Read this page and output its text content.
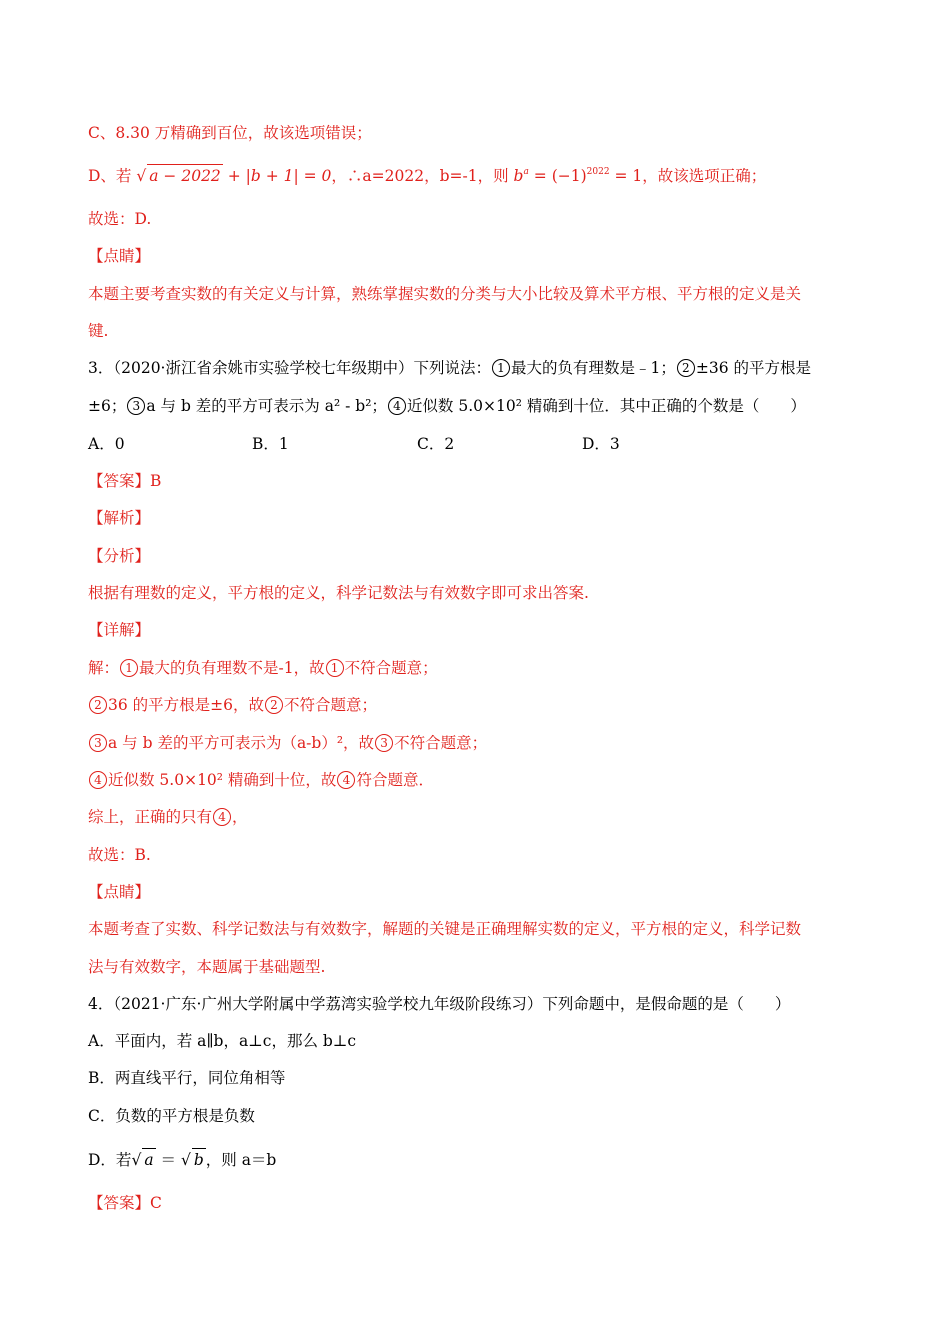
C、8.30 万精确到百位，故该选项错误；
D、若 √ a − 2022 + |b + 1| = 0，∴a=2022，b=-1，则 $b^a = (-1)^{2022} = 1$，故该选项正确；
故选：D.
【点睛】
本题主要考查实数的有关定义与计算，熟练掌握实数的分类与大小比较及算术平方根、平方根的定义是关
键.
3．（2020·浙江省余姚市实验学校七年级期中）下列说法： 1 最大的负有理数是﹣1； 2 ±36 的平方根是
±6； 3 a 与 b 差的平方可表示为 a² ‐ b²； 4 近似数 5.0×10² 精确到十位．其中正确的个数是（　　）
A．0	B．1	C．2	D．3
【答案】B
【解析】
【分析】
根据有理数的定义，平方根的定义，科学记数法与有效数字即可求出答案.
【详解】
解： 1 最大的负有理数不是-1，故 1 不符合题意；
2 36 的平方根是±6，故 2 不符合题意；
3 a 与 b 差的平方可表示为（a-b）²，故 3 不符合题意；
4 近似数 5.0×10² 精确到十位，故 4 符合题意．
综上，正确的只有 4 ，
故选：B.
【点睛】
本题考查了实数、科学记数法与有效数字，解题的关键是正确理解实数的定义，平方根的定义，科学记数
法与有效数字，本题属于基础题型.
4．（2021·广东·广州大学附属中学荔湾实验学校九年级阶段练习）下列命题中，是假命题的是（　　）
A．平面内，若 a∥b，a⊥c，那么 b⊥c
B．两直线平行，同位角相等
C．负数的平方根是负数
D．若√ a ＝ √ b ，则 a＝b
【答案】C
